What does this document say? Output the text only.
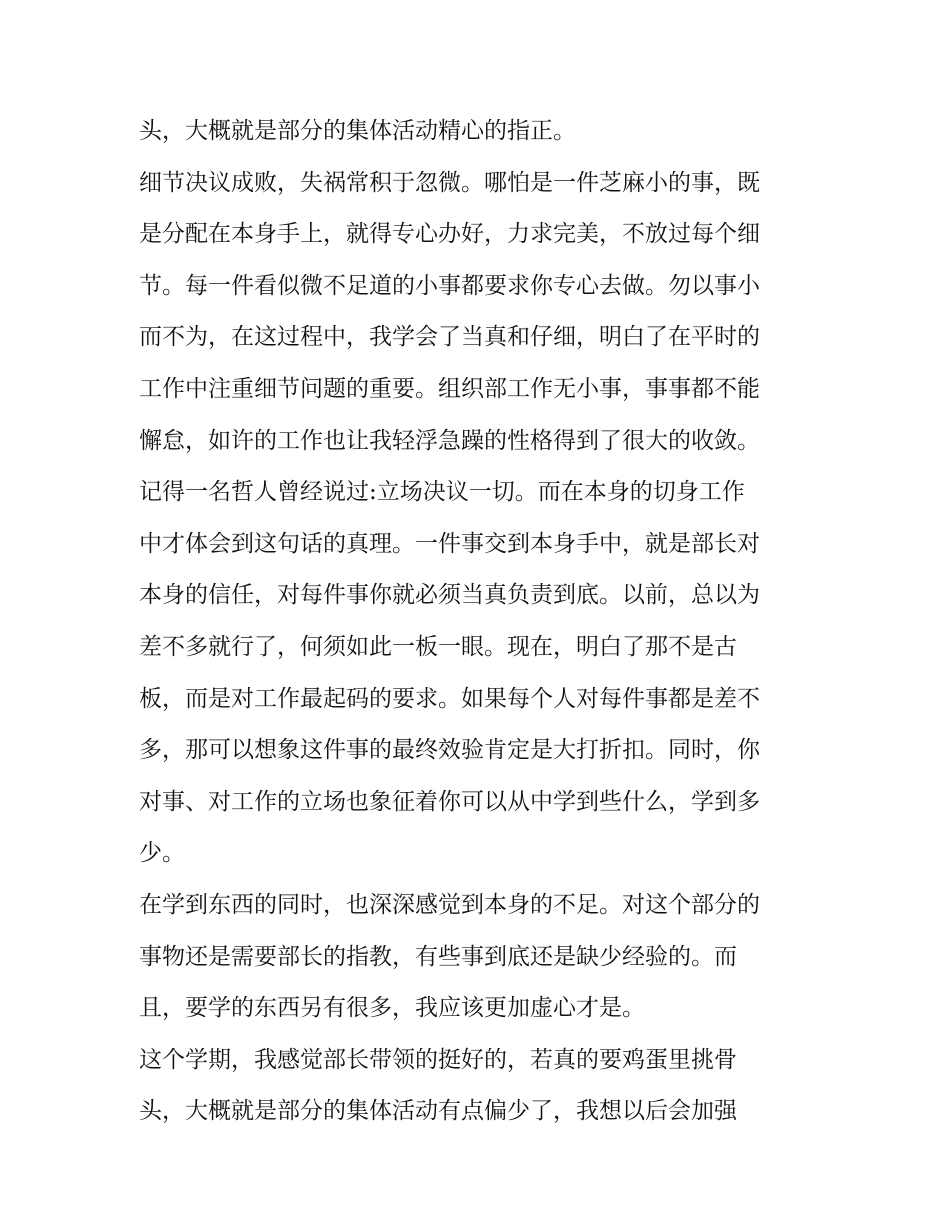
头，大概就是部分的集体活动精心的指正。
细节决议成败，失祸常积于忽微。哪怕是一件芝麻小的事，既
是分配在本身手上，就得专心办好，力求完美，不放过每个细
节。每一件看似微不足道的小事都要求你专心去做。勿以事小
而不为，在这过程中，我学会了当真和仔细，明白了在平时的
工作中注重细节问题的重要。组织部工作无小事，事事都不能
懈怠，如许的工作也让我轻浮急躁的性格得到了很大的收敛。
记得一名哲人曾经说过:立场决议一切。而在本身的切身工作
中才体会到这句话的真理。一件事交到本身手中，就是部长对
本身的信任，对每件事你就必须当真负责到底。以前，总以为
差不多就行了，何须如此一板一眼。现在，明白了那不是古
板，而是对工作最起码的要求。如果每个人对每件事都是差不
多，那可以想象这件事的最终效验肯定是大打折扣。同时，你
对事、对工作的立场也象征着你可以从中学到些什么，学到多
少。
在学到东西的同时，也深深感觉到本身的不足。对这个部分的
事物还是需要部长的指教，有些事到底还是缺少经验的。而
且，要学的东西另有很多，我应该更加虚心才是。
这个学期，我感觉部长带领的挺好的，若真的要鸡蛋里挑骨
头，大概就是部分的集体活动有点偏少了，我想以后会加强
